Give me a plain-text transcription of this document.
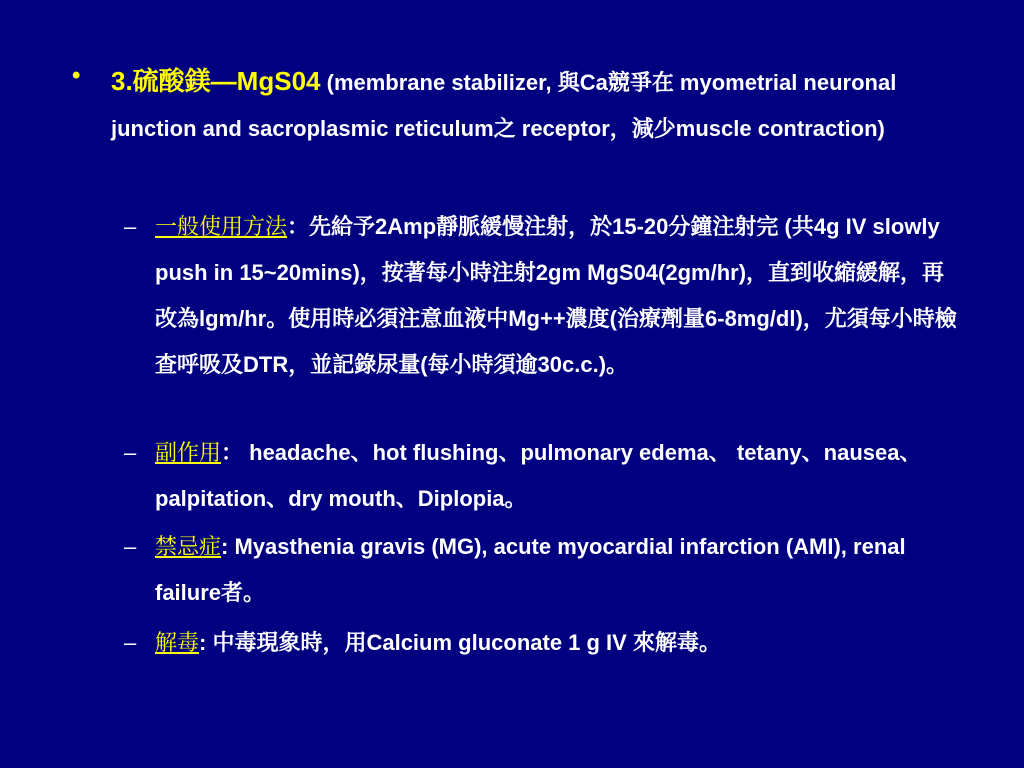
• 3.硫酸鎂—MgS04 (membrane stabilizer, 與Ca競爭在 myometrial neuronal junction and sacroplasmic reticulum之 receptor，減少muscle contraction)
– 一般使用方法：先給予2Amp靜脈緩慢注射，於15-20分鐘注射完 (共4g IV slowly push in 15~20mins)，按著每小時注射2gm MgS04(2gm/hr)，直到收縮緩解，再改為lgm/hr。使用時必須注意血液中Mg++濃度(治療劑量6-8mg/dl)，尤須每小時檢查呼吸及DTR，並記錄尿量(每小時須逾30c.c.)。
– 副作用： headache、hot flushing、pulmonary edema、 tetany、nausea、palpitation、dry mouth、Diplopia。
– 禁忌症: Myasthenia gravis (MG), acute myocardial infarction (AMI), renal failure者。
– 解毒: 中毒現象時，用Calcium gluconate 1 g IV 來解毒。
